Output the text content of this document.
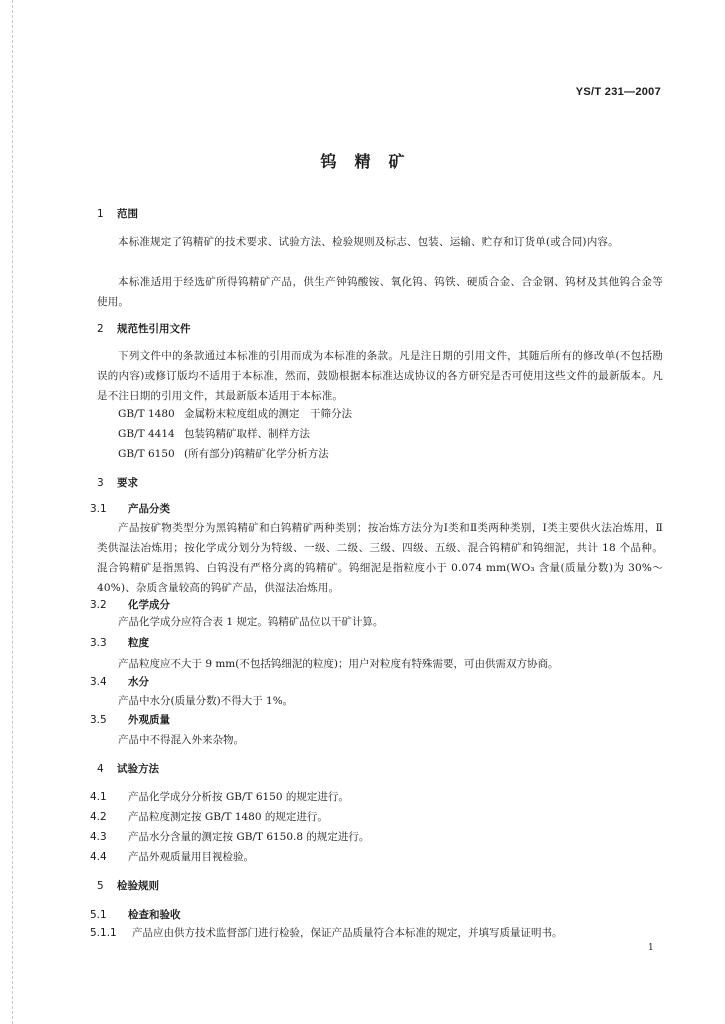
YS/T 231—2007
钨精矿
1 范围
本标准规定了钨精矿的技术要求、试验方法、检验规则及标志、包装、运输、贮存和订货单(或合同)内容。
本标准适用于经选矿所得钨精矿产品，供生产钟钨酸铵、氧化钨、钨铁、硬质合金、合金钢、钨材及其他钨合金等使用。
2 规范性引用文件
下列文件中的条款通过本标准的引用而成为本标准的条款。凡是注日期的引用文件，其随后所有的修改单(不包括勘误的内容)或修订版均不适用于本标准，然而，鼓励根据本标准达成协议的各方研究是否可使用这些文件的最新版本。凡是不注日期的引用文件，其最新版本适用于本标准。
GB/T 1480 金属粉末粒度组成的测定　干筛分法
GB/T 4414 包装钨精矿取样、制样方法
GB/T 6150 (所有部分)钨精矿化学分析方法
3 要求
3.1 产品分类
产品按矿物类型分为黑钨精矿和白钨精矿两种类别；按冶炼方法分为Ⅰ类和Ⅱ类两种类别，Ⅰ类主要供火法冶炼用，Ⅱ类供湿法冶炼用；按化学成分划分为特级、一级、二级、三级、四级、五级、混合钨精矿和钨细泥，共计 18 个品种。混合钨精矿是指黑钨、白钨没有严格分离的钨精矿。钨细泥是指粒度小于 0.074 mm(WO₃ 含量(质量分数)为 30%～40%)、杂质含量较高的钨矿产品，供湿法冶炼用。
3.2 化学成分
产品化学成分应符合表 1 规定。钨精矿品位以干矿计算。
3.3 粒度
产品粒度应不大于 9 mm(不包括钨细泥的粒度)；用户对粒度有特殊需要，可由供需双方协商。
3.4 水分
产品中水分(质量分数)不得大于 1%。
3.5 外观质量
产品中不得混入外来杂物。
4 试验方法
4.1 产品化学成分分析按 GB/T 6150 的规定进行。
4.2 产品粒度测定按 GB/T 1480 的规定进行。
4.3 产品水分含量的测定按 GB/T 6150.8 的规定进行。
4.4 产品外观质量用目视检验。
5 检验规则
5.1 检查和验收
5.1.1 产品应由供方技术监督部门进行检验，保证产品质量符合本标准的规定，并填写质量证明书。
1
